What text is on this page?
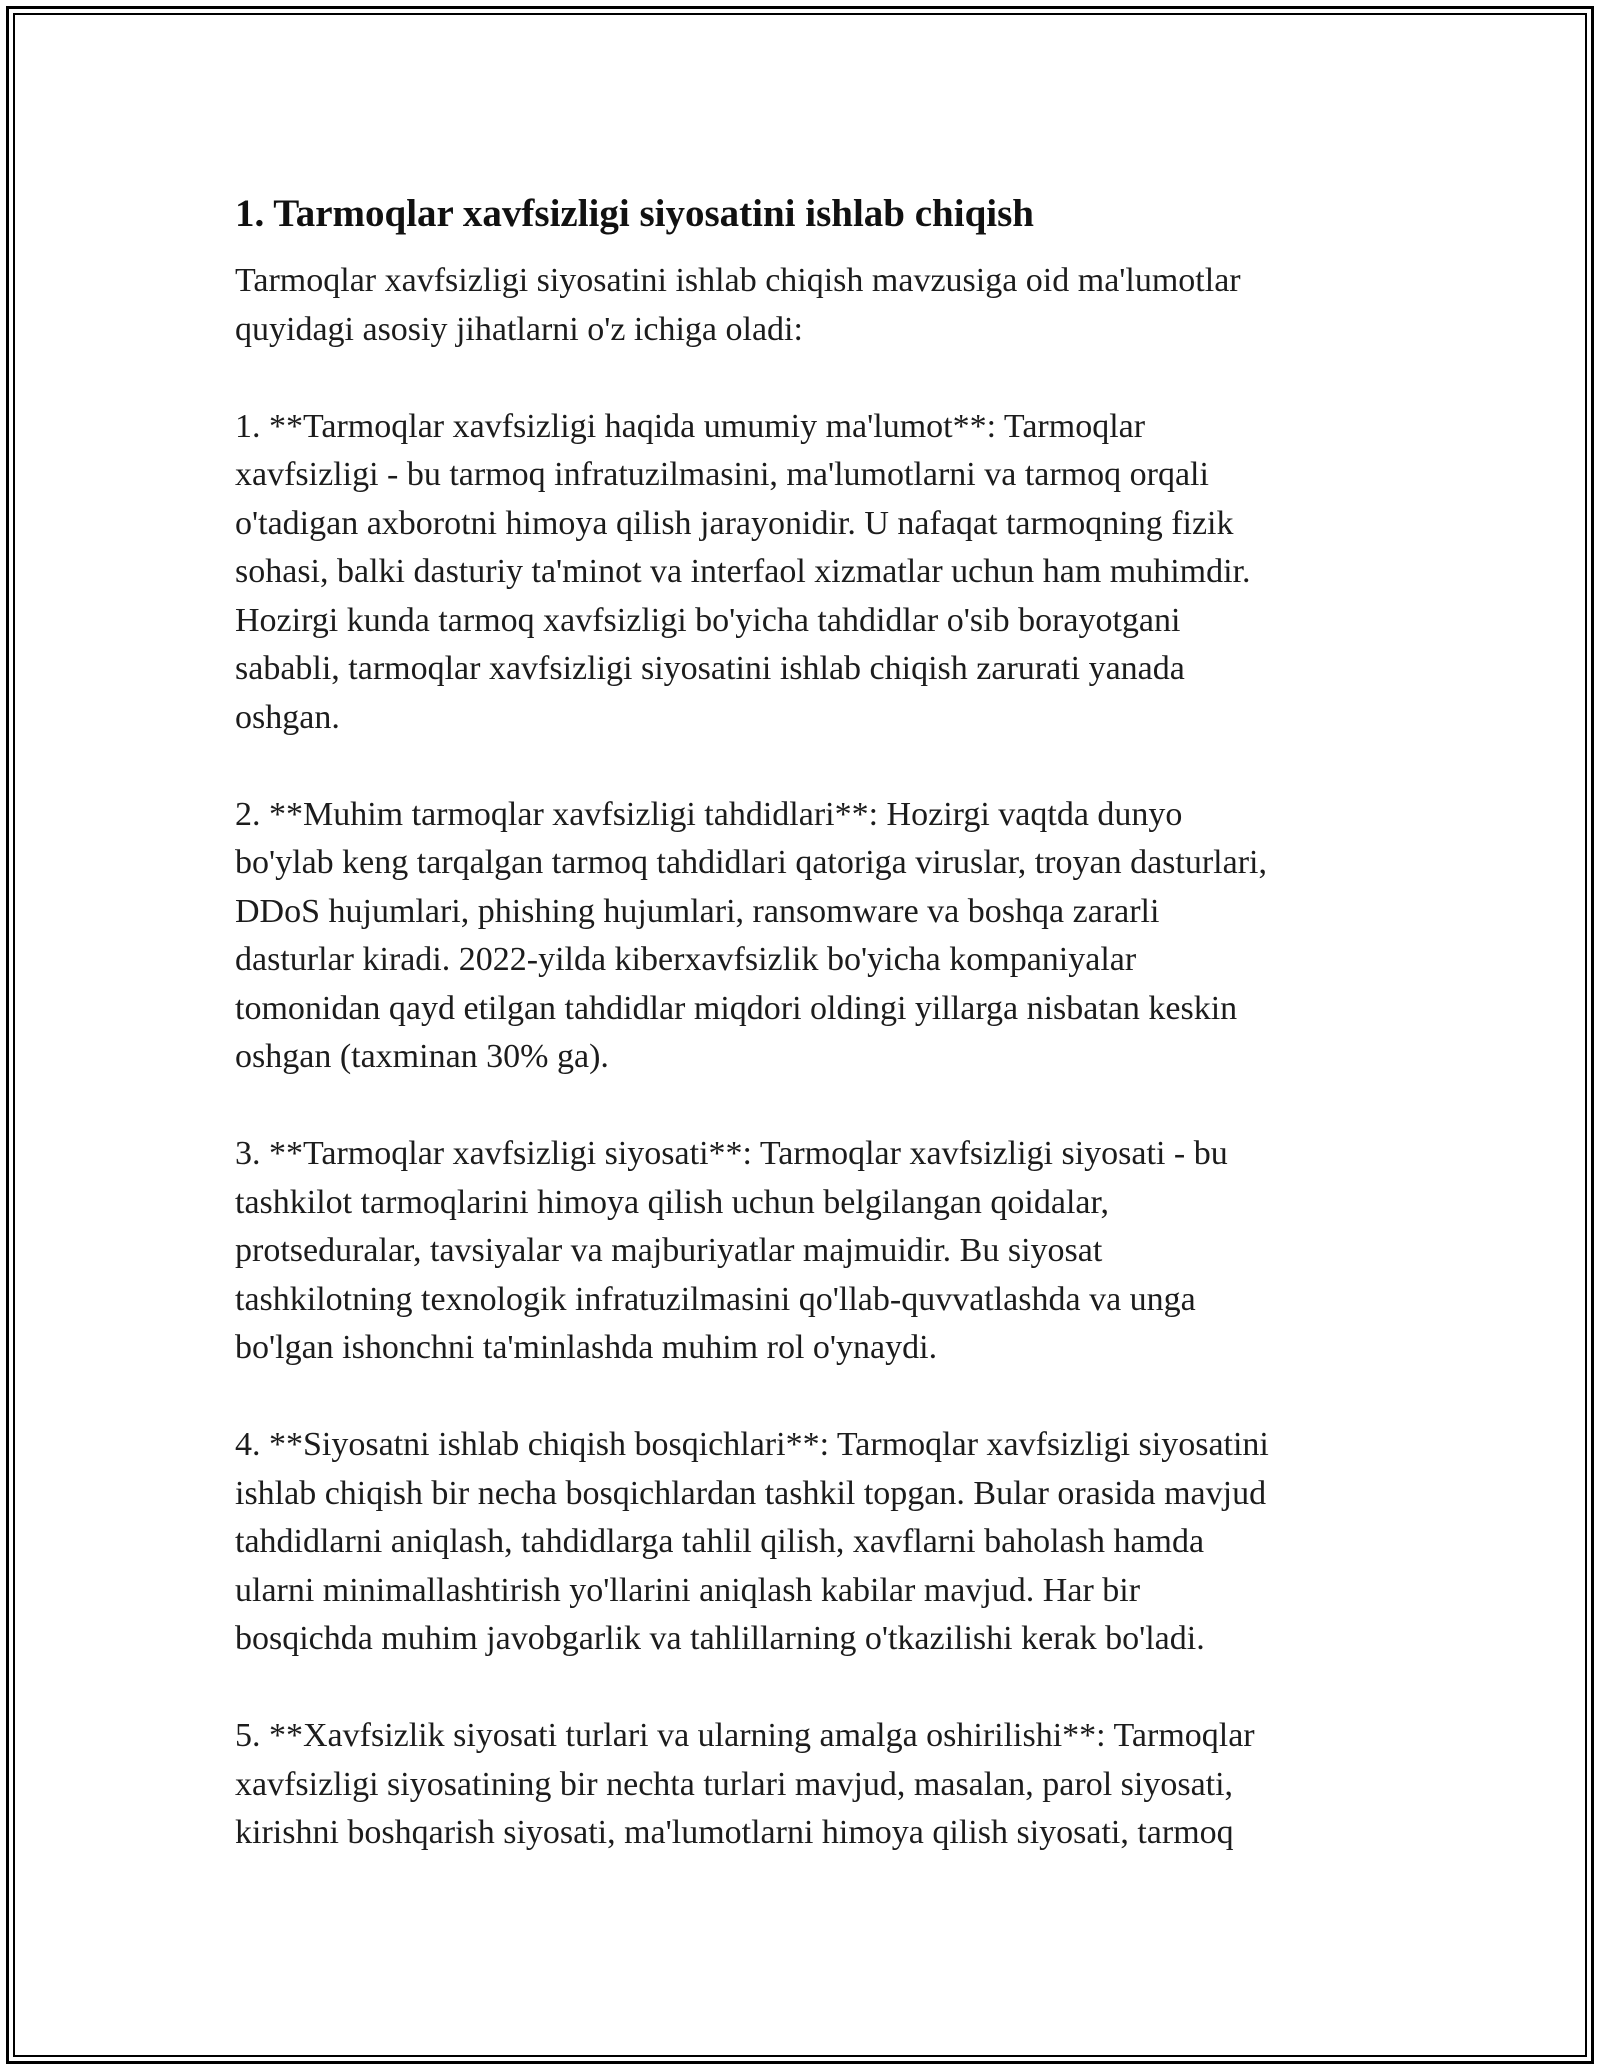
1. Tarmoqlar xavfsizligi siyosatini ishlab chiqish

Tarmoqlar xavfsizligi siyosatini ishlab chiqish mavzusiga oid ma'lumotlar
quyidagi asosiy jihatlarni o'z ichiga oladi:

1. **Tarmoqlar xavfsizligi haqida umumiy ma'lumot**: Tarmoqlar
xavfsizligi - bu tarmoq infratuzilmasini, ma'lumotlarni va tarmoq orqali
o'tadigan axborotni himoya qilish jarayonidir. U nafaqat tarmoqning fizik
sohasi, balki dasturiy ta'minot va interfaol xizmatlar uchun ham muhimdir.
Hozirgi kunda tarmoq xavfsizligi bo'yicha tahdidlar o'sib borayotgani
sababli, tarmoqlar xavfsizligi siyosatini ishlab chiqish zarurati yanada
oshgan.

2. **Muhim tarmoqlar xavfsizligi tahdidlari**: Hozirgi vaqtda dunyo
bo'ylab keng tarqalgan tarmoq tahdidlari qatoriga viruslar, troyan dasturlari,
DDoS hujumlari, phishing hujumlari, ransomware va boshqa zararli
dasturlar kiradi. 2022-yilda kiberxavfsizlik bo'yicha kompaniyalar
tomonidan qayd etilgan tahdidlar miqdori oldingi yillarga nisbatan keskin
oshgan (taxminan 30% ga).

3. **Tarmoqlar xavfsizligi siyosati**: Tarmoqlar xavfsizligi siyosati - bu
tashkilot tarmoqlarini himoya qilish uchun belgilangan qoidalar,
protseduralar, tavsiyalar va majburiyatlar majmuidir. Bu siyosat
tashkilotning texnologik infratuzilmasini qo'llab-quvvatlashda va unga
bo'lgan ishonchni ta'minlashda muhim rol o'ynaydi.

4. **Siyosatni ishlab chiqish bosqichlari**: Tarmoqlar xavfsizligi siyosatini
ishlab chiqish bir necha bosqichlardan tashkil topgan. Bular orasida mavjud
tahdidlarni aniqlash, tahdidlarga tahlil qilish, xavflarni baholash hamda
ularni minimallashtirish yo'llarini aniqlash kabilar mavjud. Har bir
bosqichda muhim javobgarlik va tahlillarning o'tkazilishi kerak bo'ladi.

5. **Xavfsizlik siyosati turlari va ularning amalga oshirilishi**: Tarmoqlar
xavfsizligi siyosatining bir nechta turlari mavjud, masalan, parol siyosati,
kirishni boshqarish siyosati, ma'lumotlarni himoya qilish siyosati, tarmoq
